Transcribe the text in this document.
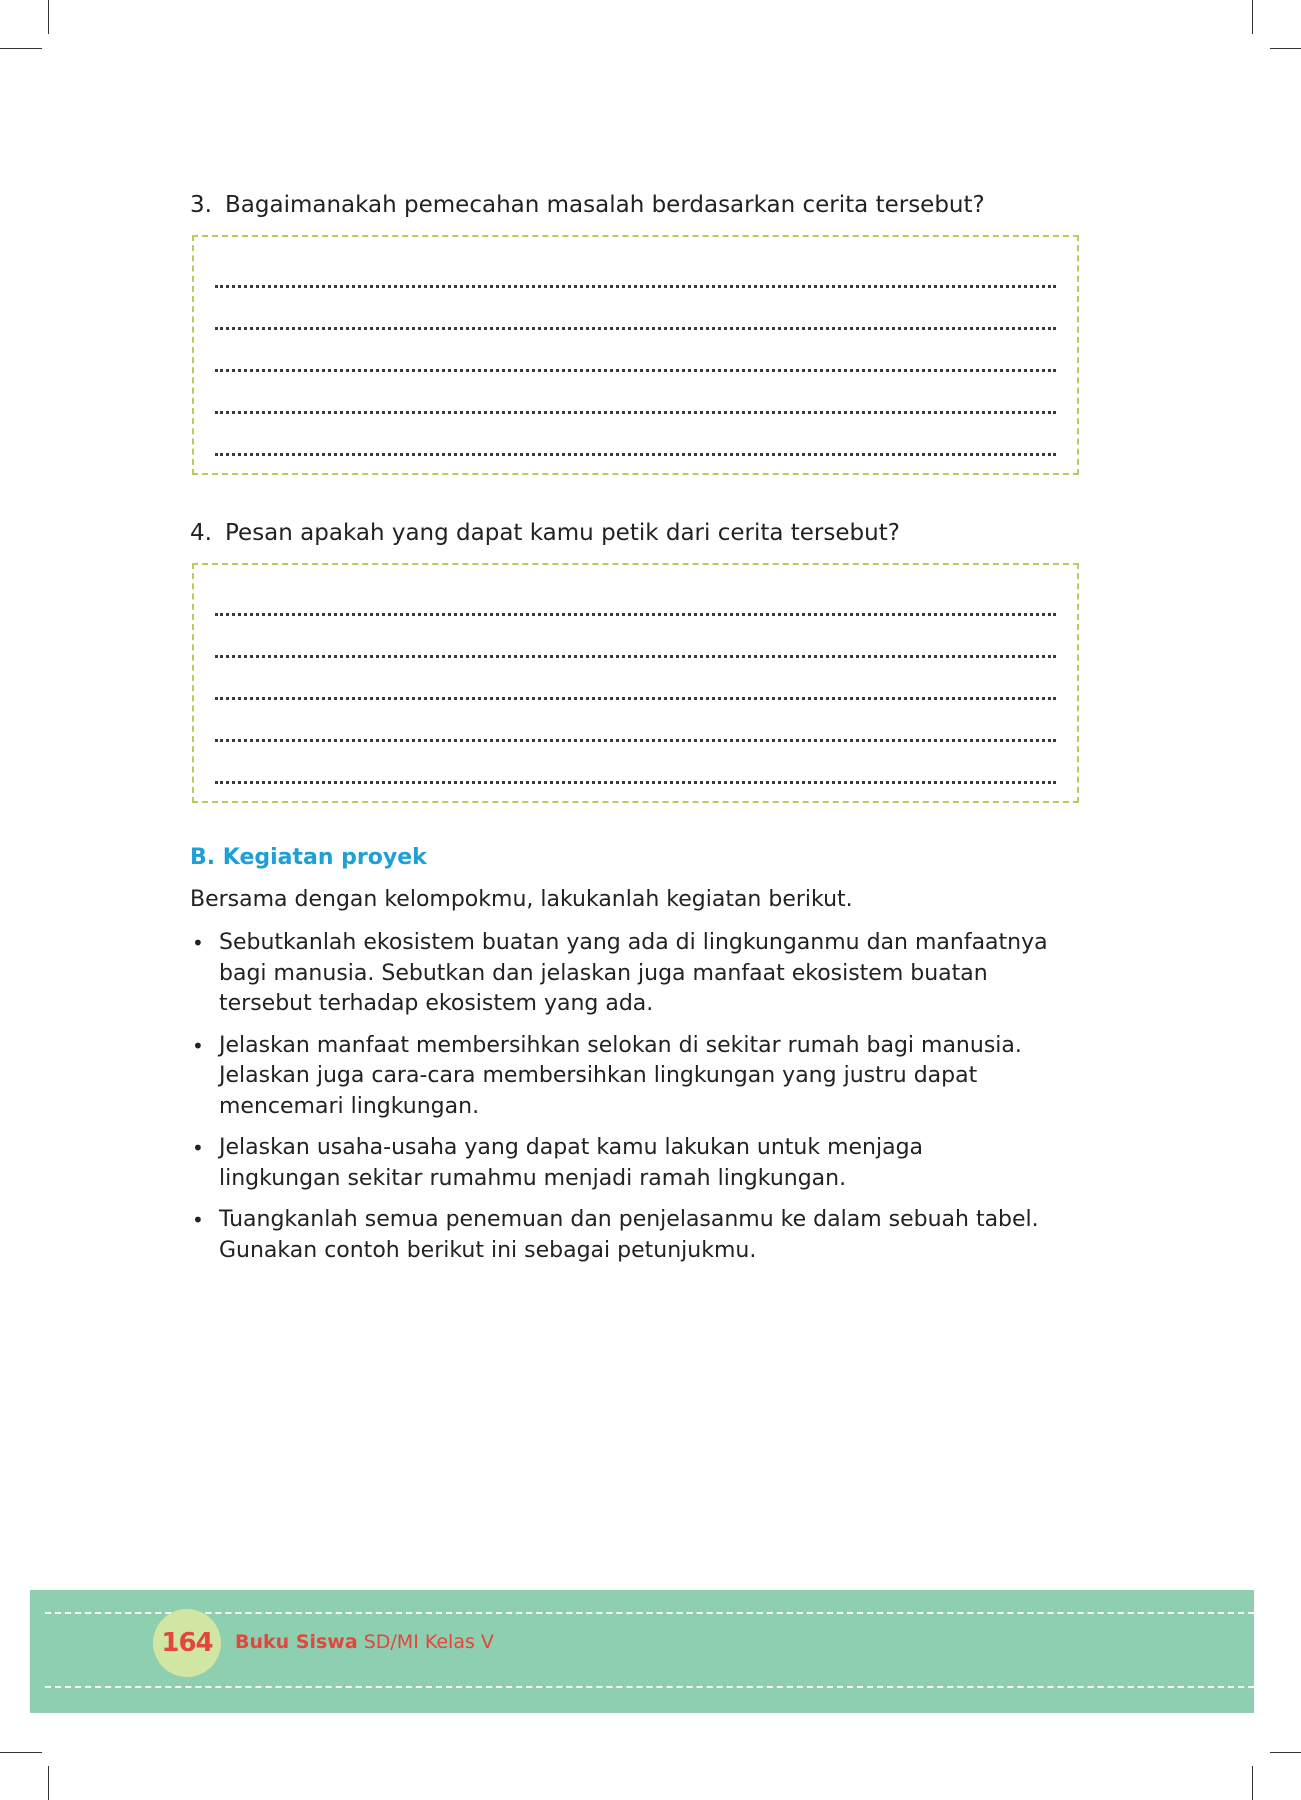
3. Bagaimanakah pemecahan masalah berdasarkan cerita tersebut?
4. Pesan apakah yang dapat kamu petik dari cerita tersebut?
B. Kegiatan proyek
Bersama dengan kelompokmu, lakukanlah kegiatan berikut.
• Sebutkanlah ekosistem buatan yang ada di lingkunganmu dan manfaatnya
bagi manusia. Sebutkan dan jelaskan juga manfaat ekosistem buatan
tersebut terhadap ekosistem yang ada.
• Jelaskan manfaat membersihkan selokan di sekitar rumah bagi manusia.
Jelaskan juga cara-cara membersihkan lingkungan yang justru dapat
mencemari lingkungan.
• Jelaskan usaha-usaha yang dapat kamu lakukan untuk menjaga
lingkungan sekitar rumahmu menjadi ramah lingkungan.
• Tuangkanlah semua penemuan dan penjelasanmu ke dalam sebuah tabel.
Gunakan contoh berikut ini sebagai petunjukmu.
164 Buku Siswa SD/MI Kelas V
